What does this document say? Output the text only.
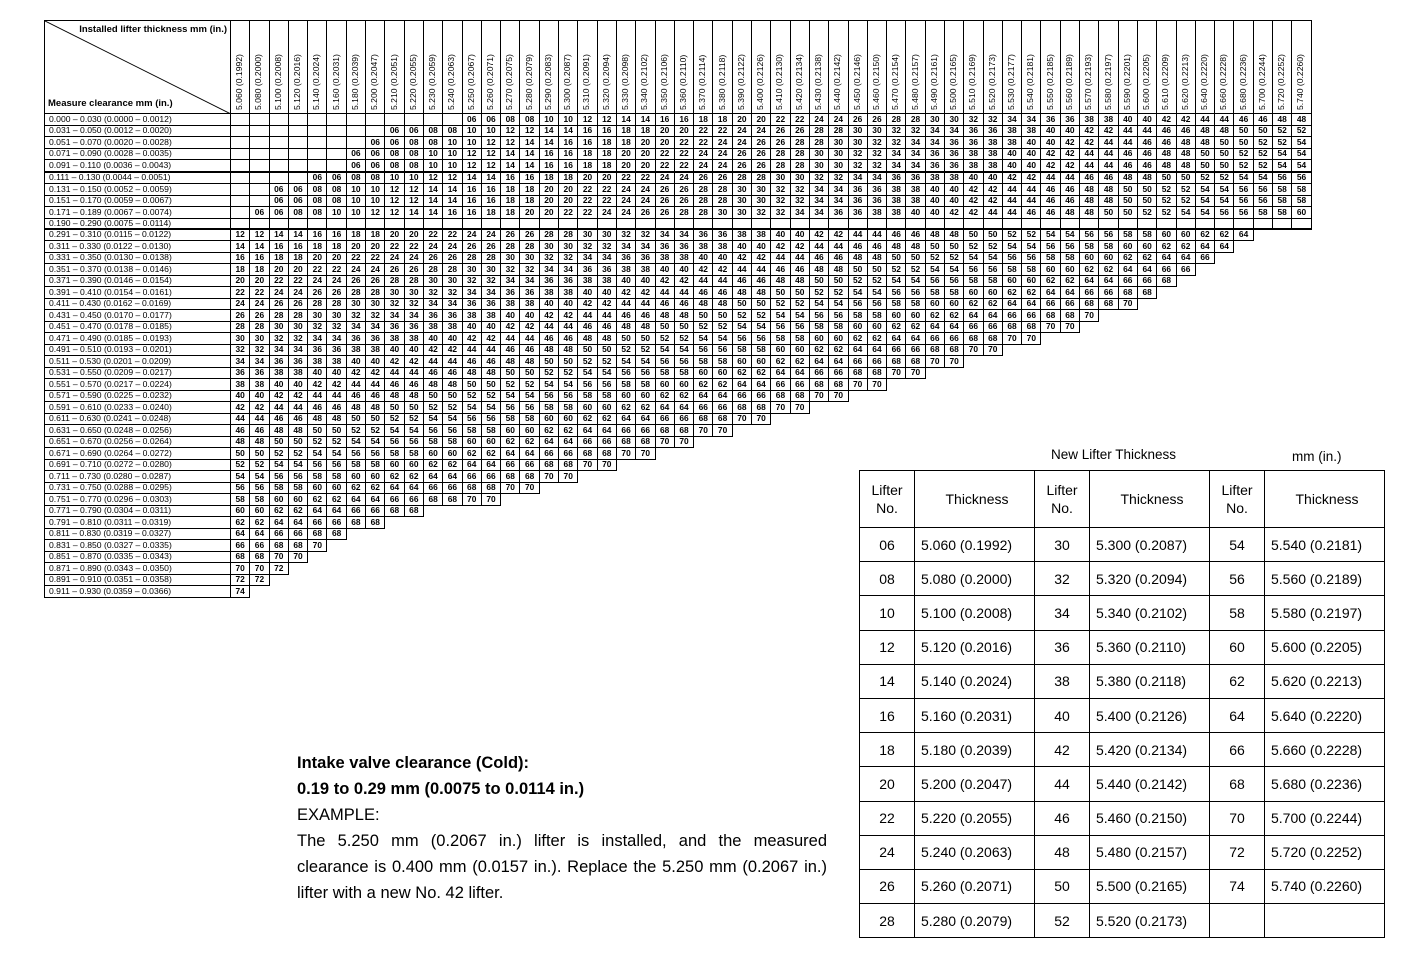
Installed lifter thickness mm (in.)
Measure clearance mm (in.)	5.060 (0.1992)	5.080 (0.2000)	5.100 (0.2008)	5.120 (0.2016)	5.140 (0.2024)	5.160 (0.2031)	5.180 (0.2039)	5.200 (0.2047)	5.210 (0.2051)	5.220 (0.2055)	5.230 (0.2059)	5.240 (0.2063)	5.250 (0.2067)	5.260 (0.2071)	5.270 (0.2075)	5.280 (0.2079)	5.290 (0.2083)	5.300 (0.2087)	5.310 (0.2091)	5.320 (0.2094)	5.330 (0.2098)	5.340 (0.2102)	5.350 (0.2106)	5.360 (0.2110)	5.370 (0.2114)	5.380 (0.2118)	5.390 (0.2122)	5.400 (0.2126)	5.410 (0.2130)	5.420 (0.2134)	5.430 (0.2138)	5.440 (0.2142)	5.450 (0.2146)	5.460 (0.2150)	5.470 (0.2154)	5.480 (0.2157)	5.490 (0.2161)	5.500 (0.2165)	5.510 (0.2169)	5.520 (0.2173)	5.530 (0.2177)	5.540 (0.2181)	5.550 (0.2185)	5.560 (0.2189)	5.570 (0.2193)	5.580 (0.2197)	5.590 (0.2201)	5.600 (0.2205)	5.610 (0.2209)	5.620 (0.2213)	5.640 (0.2220)	5.660 (0.2228)	5.680 (0.2236)	5.700 (0.2244)	5.720 (0.2252)	5.740 (0.2260)

0.000 – 0.030 (0.0000 – 0.0012)													06	06	08	08	10	10	12	12	14	14	16	16	18	18	20	20	22	22	24	24	26	26	28	28	30	30	32	32	34	34	36	36	38	38	40	40	42	42	44	44	46	46	48	48
0.031 – 0.050 (0.0012 – 0.0020)									06	06	08	08	10	10	12	12	14	14	16	16	18	18	20	20	22	22	24	24	26	26	28	28	30	30	32	32	34	34	36	36	38	38	40	40	42	42	44	44	46	46	48	48	50	50	52	52
0.051 – 0.070 (0.0020 – 0.0028)								06	06	08	08	10	10	12	12	14	14	16	16	18	18	20	20	22	22	24	24	26	26	28	28	30	30	32	32	34	34	36	36	38	38	40	40	42	42	44	44	46	46	48	48	50	50	52	52	54
0.071 – 0.090 (0.0028 – 0.0035)							06	06	08	08	10	10	12	12	14	14	16	16	18	18	20	20	22	22	24	24	26	26	28	28	30	30	32	32	34	34	36	36	38	38	40	40	42	42	44	44	46	46	48	48	50	50	52	52	54	54
0.091 – 0.110 (0.0036 – 0.0043)							06	06	08	08	10	10	12	12	14	14	16	16	18	18	20	20	22	22	24	24	26	26	28	28	30	30	32	32	34	34	36	36	38	38	40	40	42	42	44	44	46	46	48	48	50	50	52	52	54	54
0.111 – 0.130 (0.0044 – 0.0051)					06	06	08	08	10	10	12	12	14	14	16	16	18	18	20	20	22	22	24	24	26	26	28	28	30	30	32	32	34	34	36	36	38	38	40	40	42	42	44	44	46	46	48	48	50	50	52	52	54	54	56	56
0.131 – 0.150 (0.0052 – 0.0059)			06	06	08	08	10	10	12	12	14	14	16	16	18	18	20	20	22	22	24	24	26	26	28	28	30	30	32	32	34	34	36	36	38	38	40	40	42	42	44	44	46	46	48	48	50	50	52	52	54	54	56	56	58	58
0.151 – 0.170 (0.0059 – 0.0067)			06	06	08	08	10	10	12	12	14	14	16	16	18	18	20	20	22	22	24	24	26	26	28	28	30	30	32	32	34	34	36	36	38	38	40	40	42	42	44	44	46	46	48	48	50	50	52	52	54	54	56	56	58	58
0.171 – 0.189 (0.0067 – 0.0074)		06	06	08	08	10	10	12	12	14	14	16	16	18	18	20	20	22	22	24	24	26	26	28	28	30	30	32	32	34	34	36	36	38	38	40	40	42	42	44	44	46	46	48	48	50	50	52	52	54	54	56	56	58	58	60
0.190 – 0.290 (0.0075 – 0.0114)																																																								
0.291 – 0.310 (0.0115 – 0.0122)	12	12	14	14	16	16	18	18	20	20	22	22	24	24	26	26	28	28	30	30	32	32	34	34	36	36	38	38	40	40	42	42	44	44	46	46	48	48	50	50	52	52	54	54	56	56	58	58	60	60	62	62	64			
0.311 – 0.330 (0.0122 – 0.0130)	14	14	16	16	18	18	20	20	22	22	24	24	26	26	28	28	30	30	32	32	34	34	36	36	38	38	40	40	42	42	44	44	46	46	48	48	50	50	52	52	54	54	56	56	58	58	60	60	62	62	64	64				
0.331 – 0.350 (0.0130 – 0.0138)	16	16	18	18	20	20	22	22	24	24	26	26	28	28	30	30	32	32	34	34	36	36	38	38	40	40	42	42	44	44	46	46	48	48	50	50	52	52	54	54	56	56	58	58	60	60	62	62	64	64	66					
0.351 – 0.370 (0.0138 – 0.0146)	18	18	20	20	22	22	24	24	26	26	28	28	30	30	32	32	34	34	36	36	38	38	40	40	42	42	44	44	46	46	48	48	50	50	52	52	54	54	56	56	58	58	60	60	62	62	64	64	66	66						
0.371 – 0.390 (0.0146 – 0.0154)	20	20	22	22	24	24	26	26	28	28	30	30	32	32	34	34	36	36	38	38	40	40	42	42	44	44	46	46	48	48	50	50	52	52	54	54	56	56	58	58	60	60	62	62	64	64	66	66	68							
0.391 – 0.410 (0.0154 – 0.0161)	22	22	24	24	26	26	28	28	30	30	32	32	34	34	36	36	38	38	40	40	42	42	44	44	46	46	48	48	50	50	52	52	54	54	56	56	58	58	60	60	62	62	64	64	66	66	68	68								
0.411 – 0.430 (0.0162 – 0.0169)	24	24	26	26	28	28	30	30	32	32	34	34	36	36	38	38	40	40	42	42	44	44	46	46	48	48	50	50	52	52	54	54	56	56	58	58	60	60	62	62	64	64	66	66	68	68	70									
0.431 – 0.450 (0.0170 – 0.0177)	26	26	28	28	30	30	32	32	34	34	36	36	38	38	40	40	42	42	44	44	46	46	48	48	50	50	52	52	54	54	56	56	58	58	60	60	62	62	64	64	66	66	68	68	70											
0.451 – 0.470 (0.0178 – 0.0185)	28	28	30	30	32	32	34	34	36	36	38	38	40	40	42	42	44	44	46	46	48	48	50	50	52	52	54	54	56	56	58	58	60	60	62	62	64	64	66	66	68	68	70	70												
0.471 – 0.490 (0.0185 – 0.0193)	30	30	32	32	34	34	36	36	38	38	40	40	42	42	44	44	46	46	48	48	50	50	52	52	54	54	56	56	58	58	60	60	62	62	64	64	66	66	68	68	70	70														
0.491 – 0.510 (0.0193 – 0.0201)	32	32	34	34	36	36	38	38	40	40	42	42	44	44	46	46	48	48	50	50	52	52	54	54	56	56	58	58	60	60	62	62	64	64	66	66	68	68	70	70																
0.511 – 0.530 (0.0201 – 0.0209)	34	34	36	36	38	38	40	40	42	42	44	44	46	46	48	48	50	50	52	52	54	54	56	56	58	58	60	60	62	62	64	64	66	66	68	68	70	70																		
0.531 – 0.550 (0.0209 – 0.0217)	36	36	38	38	40	40	42	42	44	44	46	46	48	48	50	50	52	52	54	54	56	56	58	58	60	60	62	62	64	64	66	66	68	68	70	70																				
0.551 – 0.570 (0.0217 – 0.0224)	38	38	40	40	42	42	44	44	46	46	48	48	50	50	52	52	54	54	56	56	58	58	60	60	62	62	64	64	66	66	68	68	70	70																						
0.571 – 0.590 (0.0225 – 0.0232)	40	40	42	42	44	44	46	46	48	48	50	50	52	52	54	54	56	56	58	58	60	60	62	62	64	64	66	66	68	68	70	70																								
0.591 – 0.610 (0.0233 – 0.0240)	42	42	44	44	46	46	48	48	50	50	52	52	54	54	56	56	58	58	60	60	62	62	64	64	66	66	68	68	70	70																										
0.611 – 0.630 (0.0241 – 0.0248)	44	44	46	46	48	48	50	50	52	52	54	54	56	56	58	58	60	60	62	62	64	64	66	66	68	68	70	70																												
0.631 – 0.650 (0.0248 – 0.0256)	46	46	48	48	50	50	52	52	54	54	56	56	58	58	60	60	62	62	64	64	66	66	68	68	70	70																														
0.651 – 0.670 (0.0256 – 0.0264)	48	48	50	50	52	52	54	54	56	56	58	58	60	60	62	62	64	64	66	66	68	68	70	70																																
0.671 – 0.690 (0.0264 – 0.0272)	50	50	52	52	54	54	56	56	58	58	60	60	62	62	64	64	66	66	68	68	70	70																																		
0.691 – 0.710 (0.0272 – 0.0280)	52	52	54	54	56	56	58	58	60	60	62	62	64	64	66	66	68	68	70	70																																				
0.711 – 0.730 (0.0280 – 0.0287)	54	54	56	56	58	58	60	60	62	62	64	64	66	66	68	68	70	70																																						
0.731 – 0.750 (0.0288 – 0.0295)	56	56	58	58	60	60	62	62	64	64	66	66	68	68	70	70																																								
0.751 – 0.770 (0.0296 – 0.0303)	58	58	60	60	62	62	64	64	66	66	68	68	70	70																																										
0.771 – 0.790 (0.0304 – 0.0311)	60	60	62	62	64	64	66	66	68	68																																														
0.791 – 0.810 (0.0311 – 0.0319)	62	62	64	64	66	66	68	68																																																
0.811 – 0.830 (0.0319 – 0.0327)	64	64	66	66	68	68																																																		
0.831 – 0.850 (0.0327 – 0.0335)	66	66	68	68	70																																																			
0.851 – 0.870 (0.0335 – 0.0343)	68	68	70	70																																																				
0.871 – 0.890 (0.0343 – 0.0350)	70	70	72																																																					
0.891 – 0.910 (0.0351 – 0.0358)	72	72																																																						
0.911 – 0.930 (0.0359 – 0.0366)	74																																																							
Intake valve clearance (Cold):
0.19 to 0.29 mm (0.0075 to 0.0114 in.)
EXAMPLE:
The 5.250 mm (0.2067 in.) lifter is installed, and the measured clearance is 0.400 mm (0.0157 in.). Replace the 5.250 mm (0.2067 in.) lifter with a new No. 42 lifter.
New Lifter Thickness	mm (in.)
Lifter No.	Thickness	Lifter No.	Thickness	Lifter No.	Thickness
06	5.060 (0.1992)	30	5.300 (0.2087)	54	5.540 (0.2181)
08	5.080 (0.2000)	32	5.320 (0.2094)	56	5.560 (0.2189)
10	5.100 (0.2008)	34	5.340 (0.2102)	58	5.580 (0.2197)
12	5.120 (0.2016)	36	5.360 (0.2110)	60	5.600 (0.2205)
14	5.140 (0.2024)	38	5.380 (0.2118)	62	5.620 (0.2213)
16	5.160 (0.2031)	40	5.400 (0.2126)	64	5.640 (0.2220)
18	5.180 (0.2039)	42	5.420 (0.2134)	66	5.660 (0.2228)
20	5.200 (0.2047)	44	5.440 (0.2142)	68	5.680 (0.2236)
22	5.220 (0.2055)	46	5.460 (0.2150)	70	5.700 (0.2244)
24	5.240 (0.2063)	48	5.480 (0.2157)	72	5.720 (0.2252)
26	5.260 (0.2071)	50	5.500 (0.2165)	74	5.740 (0.2260)
28	5.280 (0.2079)	52	5.520 (0.2173)		
